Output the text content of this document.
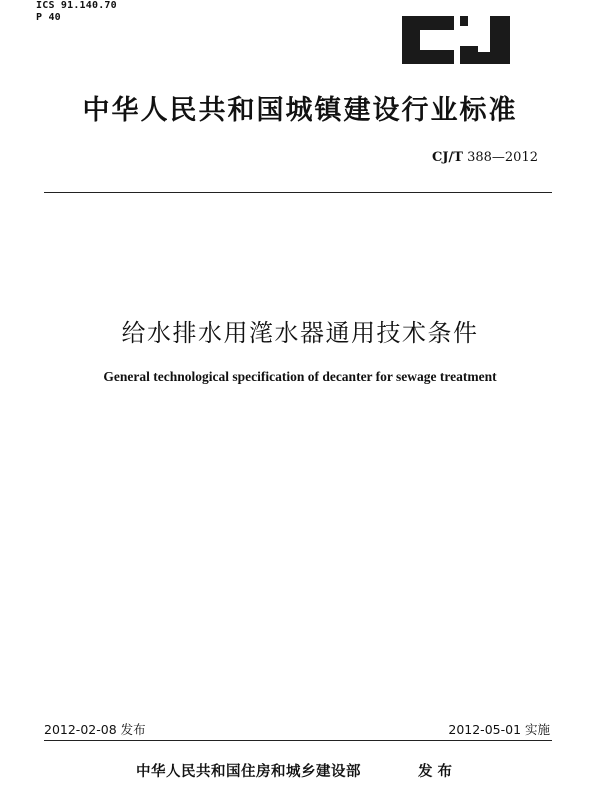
ICS 91.140.70
P 40
中华人民共和国城镇建设行业标准
CJ/T 388—2012
给水排水用滗水器通用技术条件
General technological specification of decanter for sewage treatment
2012-02-08 发布	2012-05-01 实施
中华人民共和国住房和城乡建设部	发布
